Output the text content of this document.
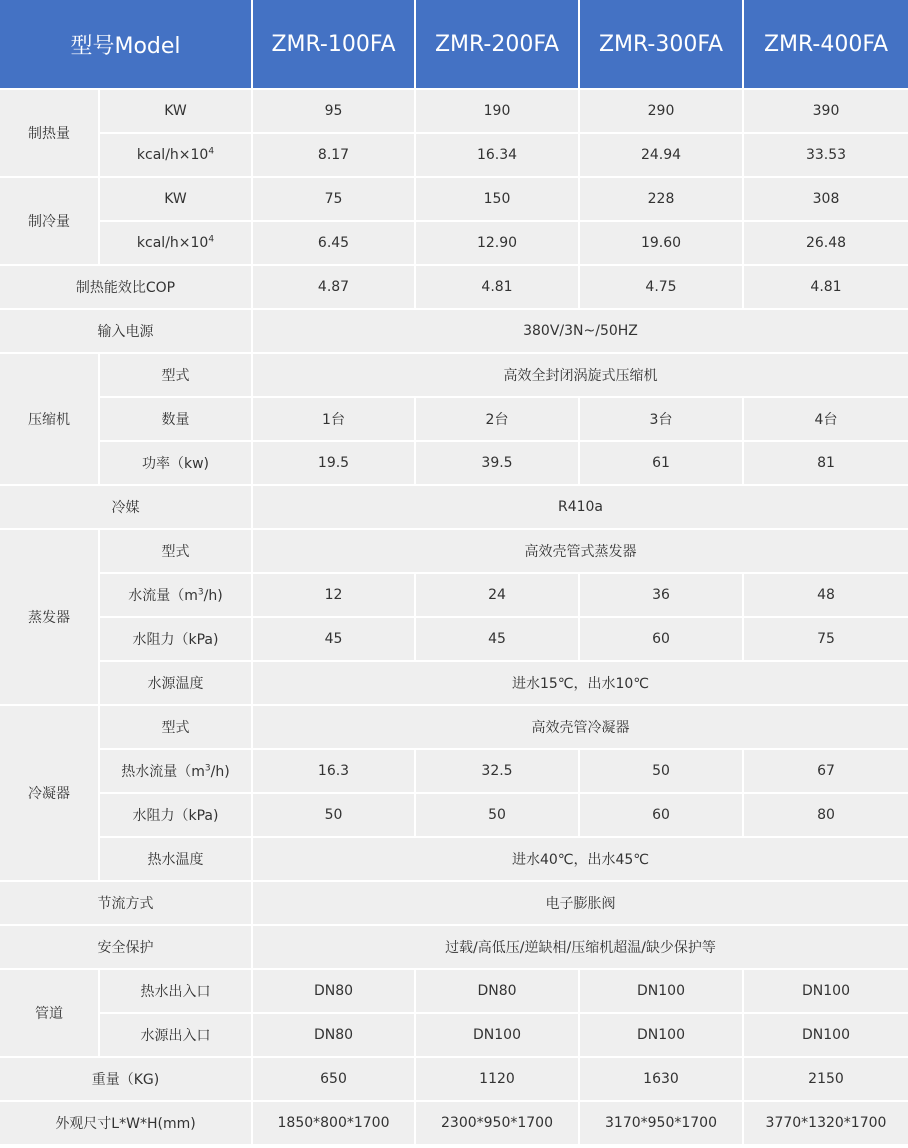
型号Model		ZMR-100FA	ZMR-200FA	ZMR-300FA	ZMR-400FA
制热量	KW	95	190	290	390
	kcal/$h\times 10^4$	8.17	16.34	24.94	33.53
制冷量	KW	75	150	228	308
	kcal/$h\times 10^4$	6.45	12.90	19.60	26.48
制热能效比COP		4.87	4.81	4.75	4.81
输入电源		380V/3N~/50HZ			
压缩机	型式	高效全封闭涡旋式压缩机			
	数量	1台	2台	3台	4台
	功率（kw)	19.5	39.5	61	81
冷媒		R410a			
蒸发器	型式	高效壳管式蒸发器			
	水流量$(m^3/h)$	12	24	36	48
	水阻力（kPa)	45	45	60	75
	水源温度	进水15℃，出水10℃			
冷凝器	型式	高效壳管冷凝器			
	热水流量$(m^3/h)$	16.3	32.5	50	67
	水阻力（kPa)	50	50	60	80
	热水温度	进水40℃，出水45℃			
节流方式		电子膨胀阀			
安全保护		过载/高低压/逆缺相/压缩机超温/缺少保护等			
管道	热水出入口	DN80	DN80	DN100	DN100
	水源出入口	DN80	DN100	DN100	DN100
重量（KG)		650	1120	1630	2150
外观尺寸L*W*H(mm)		1850*800*1700	2300*950*1700	3170*950*1700	3770*1320*1700
